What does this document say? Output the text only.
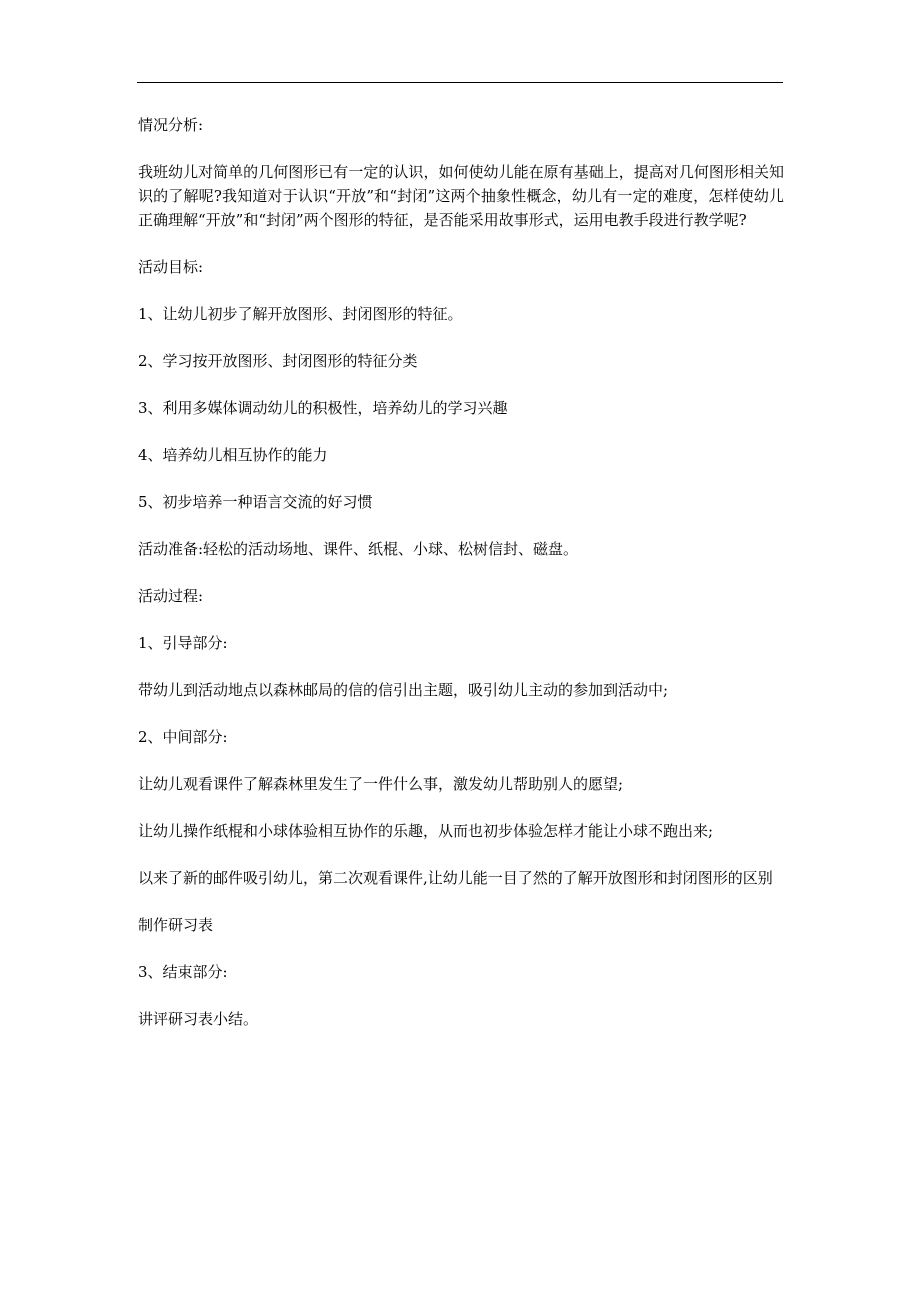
情况分析:

我班幼儿对简单的几何图形已有一定的认识，如何使幼儿能在原有基础上，提高对几何图形相关知识的了解呢?我知道对于认识“开放”和“封闭”这两个抽象性概念，幼儿有一定的难度，怎样使幼儿正确理解“开放”和“封闭”两个图形的特征，是否能采用故事形式，运用电教手段进行教学呢?

活动目标:

1、让幼儿初步了解开放图形、封闭图形的特征。

2、学习按开放图形、封闭图形的特征分类

3、利用多媒体调动幼儿的积极性，培养幼儿的学习兴趣

4、培养幼儿相互协作的能力

5、初步培养一种语言交流的好习惯

活动准备:轻松的活动场地、课件、纸棍、小球、松树信封、磁盘。

活动过程:

1、引导部分:

带幼儿到活动地点以森林邮局的信的信引出主题，吸引幼儿主动的参加到活动中;

2、中间部分:

让幼儿观看课件了解森林里发生了一件什么事，激发幼儿帮助别人的愿望;

让幼儿操作纸棍和小球体验相互协作的乐趣，从而也初步体验怎样才能让小球不跑出来;

以来了新的邮件吸引幼儿，第二次观看课件,让幼儿能一目了然的了解开放图形和封闭图形的区别

制作研习表

3、结束部分:

讲评研习表小结。
